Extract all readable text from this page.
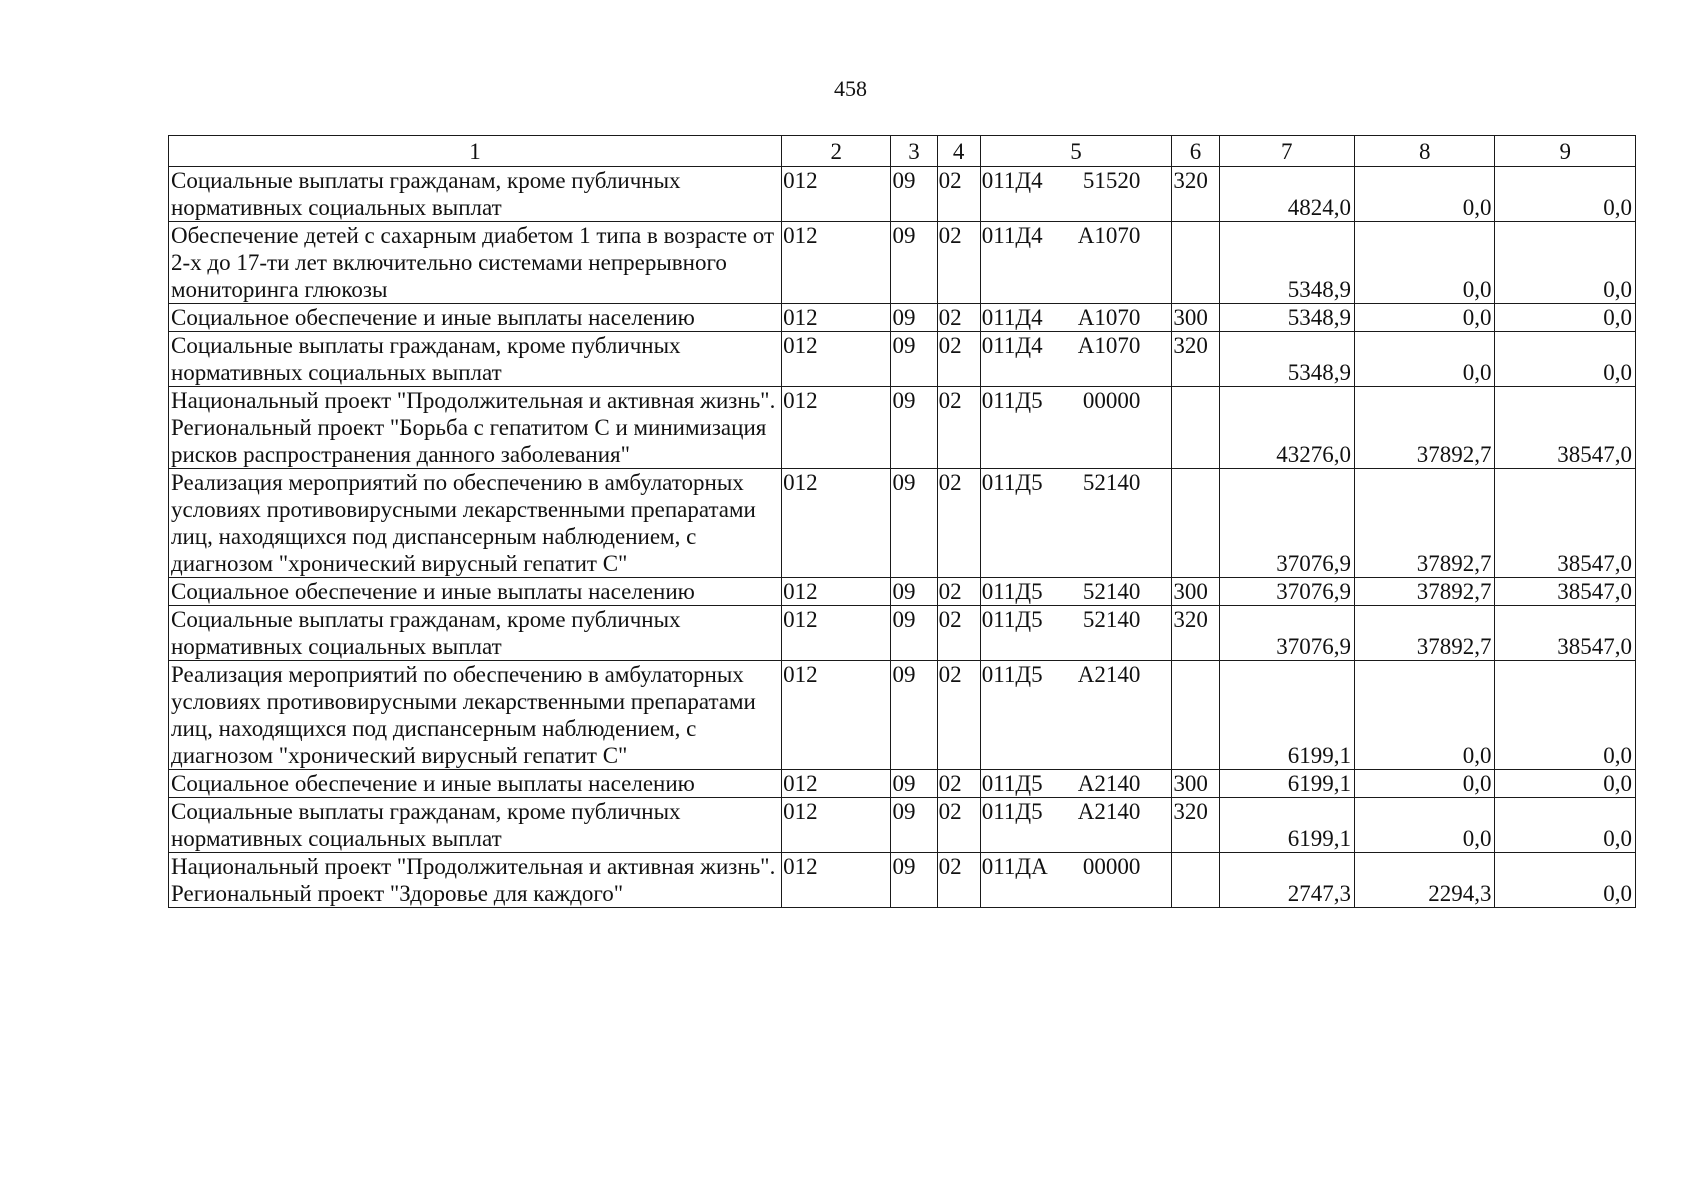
458
1	2	3	4	5	6	7	8	9
Социальные выплаты гражданам, кроме публичных нормативных социальных выплат	012	09	02	011Д4 51520	320	4824,0	0,0	0,0
Обеспечение детей с сахарным диабетом 1 типа в возрасте от 2-х до 17-ти лет включительно системами непрерывного мониторинга глюкозы	012	09	02	011Д4 А1070		5348,9	0,0	0,0
Социальное обеспечение и иные выплаты населению	012	09	02	011Д4 А1070	300	5348,9	0,0	0,0
Социальные выплаты гражданам, кроме публичных нормативных социальных выплат	012	09	02	011Д4 А1070	320	5348,9	0,0	0,0
Национальный проект "Продолжительная и активная жизнь". Региональный проект "Борьба с гепатитом С и минимизация рисков распространения данного заболевания"	012	09	02	011Д5 00000		43276,0	37892,7	38547,0
Реализация мероприятий по обеспечению в амбулаторных условиях противовирусными лекарственными препаратами лиц, находящихся под диспансерным наблюдением, с диагнозом "хронический вирусный гепатит С"	012	09	02	011Д5 52140		37076,9	37892,7	38547,0
Социальное обеспечение и иные выплаты населению	012	09	02	011Д5 52140	300	37076,9	37892,7	38547,0
Социальные выплаты гражданам, кроме публичных нормативных социальных выплат	012	09	02	011Д5 52140	320	37076,9	37892,7	38547,0
Реализация мероприятий по обеспечению в амбулаторных условиях противовирусными лекарственными препаратами лиц, находящихся под диспансерным наблюдением, с диагнозом "хронический вирусный гепатит С"	012	09	02	011Д5 А2140		6199,1	0,0	0,0
Социальное обеспечение и иные выплаты населению	012	09	02	011Д5 А2140	300	6199,1	0,0	0,0
Социальные выплаты гражданам, кроме публичных нормативных социальных выплат	012	09	02	011Д5 А2140	320	6199,1	0,0	0,0
Национальный проект "Продолжительная и активная жизнь". Региональный проект "Здоровье для каждого"	012	09	02	011ДА 00000		2747,3	2294,3	0,0
